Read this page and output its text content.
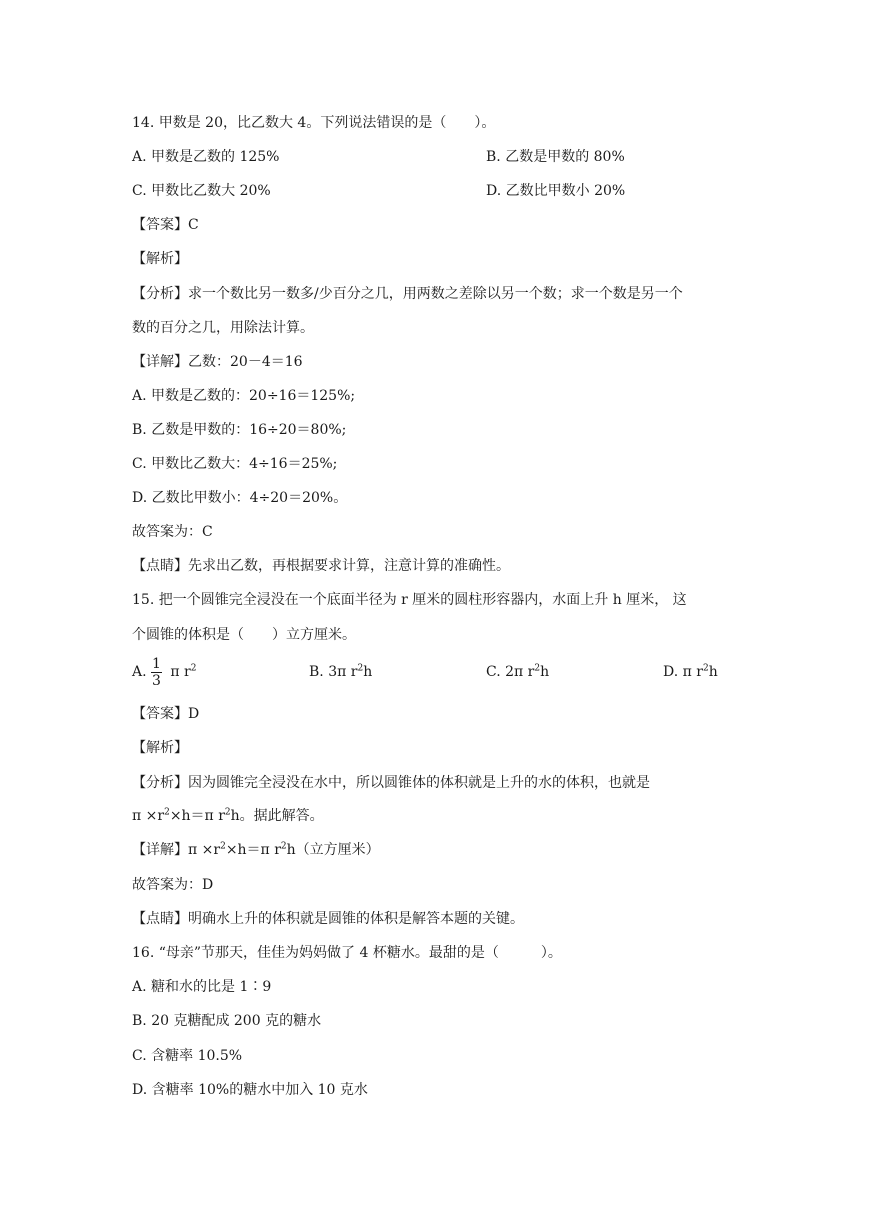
14. 甲数是 20，比乙数大 4。下列说法错误的是（　　）。
A. 甲数是乙数的 125%	B. 乙数是甲数的 80%
C. 甲数比乙数大 20%	D. 乙数比甲数小 20%
【答案】C
【解析】
【分析】求一个数比另一数多/少百分之几，用两数之差除以另一个数；求一个数是另一个
数的百分之几，用除法计算。
【详解】乙数：20－4＝16
A. 甲数是乙数的：20÷16＝125%;
B. 乙数是甲数的：16÷20＝80%;
C. 甲数比乙数大：4÷16＝25%;
D. 乙数比甲数小：4÷20＝20%。
故答案为：C
【点睛】先求出乙数，再根据要求计算，注意计算的准确性。
15. 把一个圆锥完全浸没在一个底面半径为 r 厘米的圆柱形容器内，水面上升 h 厘米， 这
个圆锥的体积是（　　）立方厘米。
A. $\frac{1}{3}$ π $r^2$	B. 3π $r^2h$	C. 2π $r^2h$	D. π $r^2h$
【答案】D
【解析】
【分析】因为圆锥完全浸没在水中，所以圆锥体的体积就是上升的水的体积，也就是
$\pi \times r^2\times h=\pi$ $r^2h$。据此解答。
【详解】$\pi \times r^2\times h=\pi$ $r^2h$（立方厘米）
故答案为：D
【点睛】明确水上升的体积就是圆锥的体积是解答本题的关键。
16. “母亲”节那天，佳佳为妈妈做了 4 杯糖水。最甜的是（　　　）。
A. 糖和水的比是 1∶9
B. 20 克糖配成 200 克的糖水
C. 含糖率 10.5%
D. 含糖率 10%的糖水中加入 10 克水
